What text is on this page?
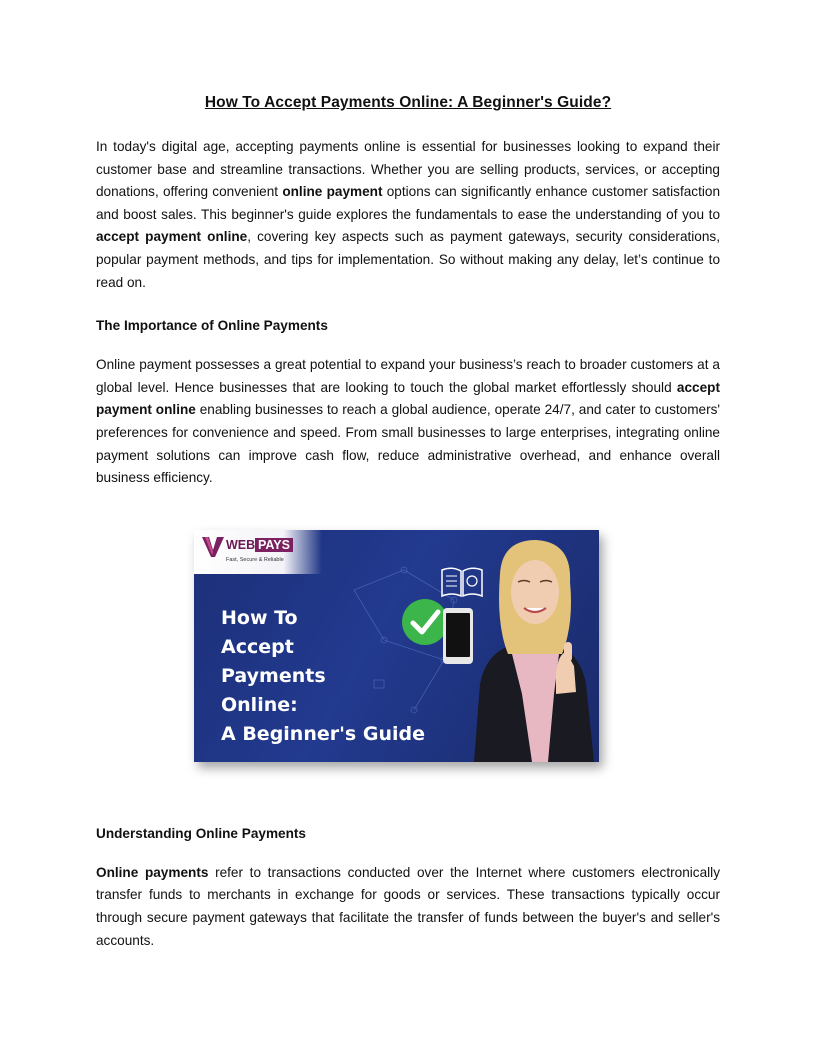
How To Accept Payments Online: A Beginner's Guide?

In today's digital age, accepting payments online is essential for businesses looking to expand their customer base and streamline transactions. Whether you are selling products, services, or accepting donations, offering convenient online payment options can significantly enhance customer satisfaction and boost sales. This beginner's guide explores the fundamentals to ease the understanding of you to accept payment online, covering key aspects such as payment gateways, security considerations, popular payment methods, and tips for implementation. So without making any delay, let’s continue to read on.

The Importance of Online Payments

Online payment possesses a great potential to expand your business’s reach to broader customers at a global level. Hence businesses that are looking to touch the global market effortlessly should accept payment online enabling businesses to reach a global audience, operate 24/7, and cater to customers' preferences for convenience and speed. From small businesses to large enterprises, integrating online payment solutions can improve cash flow, reduce administrative overhead, and enhance overall business efficiency.

WEB PAYS
Fast, Secure & Reliable
How To
Accept
Payments
Online:
A Beginner's Guide
Understanding Online Payments

Online payments refer to transactions conducted over the Internet where customers electronically transfer funds to merchants in exchange for goods or services. These transactions typically occur through secure payment gateways that facilitate the transfer of funds between the buyer's and seller's accounts.
